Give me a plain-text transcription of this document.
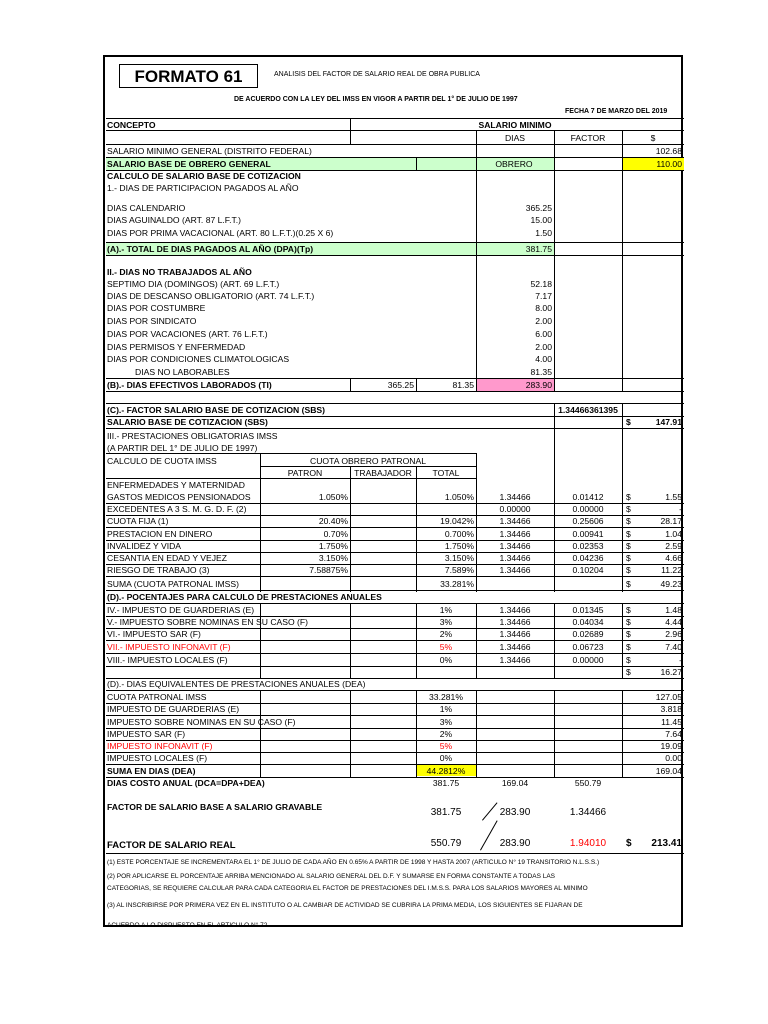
FORMATO 61	ANALISIS DEL FACTOR DE SALARIO REAL DE OBRA PUBLICA
DE ACUERDO CON LA LEY DEL IMSS EN VIGOR A PARTIR DEL 1° DE JULIO DE 1997
FECHA 7 DE MARZO DEL 2019
CONCEPTO	SALARIO MINIMO
DIAS	FACTOR	$
SALARIO MINIMO GENERAL (DISTRITO FEDERAL)	102.68
SALARIO BASE DE OBRERO GENERAL	OBRERO	110.00
CALCULO DE SALARIO BASE DE COTIZACION
1.- DIAS DE PARTICIPACION PAGADOS AL AÑO
DIAS CALENDARIO	365.25
DIAS AGUINALDO (ART. 87 L.F.T.)	15.00
DIAS POR PRIMA VACACIONAL (ART. 80 L.F.T.)(0.25 X 6)	1.50
(A).- TOTAL DE DIAS PAGADOS AL AÑO (DPA)(Tp)	381.75
II.- DIAS NO TRABAJADOS AL AÑO
SEPTIMO DIA (DOMINGOS) (ART. 69 L.F.T.)	52.18
DIAS DE DESCANSO OBLIGATORIO (ART. 74 L.F.T.)	7.17
DIAS POR COSTUMBRE	8.00
DIAS POR SINDICATO	2.00
DIAS POR VACACIONES (ART. 76 L.F.T.)	6.00
DIAS PERMISOS Y ENFERMEDAD	2.00
DIAS POR CONDICIONES CLIMATOLOGICAS	4.00
DIAS NO LABORABLES	81.35
(B).- DIAS EFECTIVOS LABORADOS (TI)	365.25	81.35	283.90
(C).- FACTOR SALARIO BASE DE COTIZACION (SBS)	1.34466361395
SALARIO BASE DE COTIZACION (SBS)	$	147.91
III.- PRESTACIONES OBLIGATORIAS IMSS
(A PARTIR DEL 1° DE JULIO DE 1997)
CALCULO DE CUOTA IMSS	CUOTA OBRERO PATRONAL
PATRON	TRABAJADOR	TOTAL
ENFERMEDADES Y MATERNIDAD
GASTOS MEDICOS PENSIONADOS	1.050%	1.050%	1.34466	0.01412	$	1.55
EXCEDENTES A 3 S. M. G. D. F. (2)	0.00000	0.00000	$	-
CUOTA FIJA (1)	20.40%	19.042%	1.34466	0.25606	$	28.17
PRESTACION EN DINERO	0.70%	0.700%	1.34466	0.00941	$	1.04
INVALIDEZ Y VIDA	1.750%	1.750%	1.34466	0.02353	$	2.59
CESANTIA EN EDAD Y VEJEZ	3.150%	3.150%	1.34466	0.04236	$	4.66
RIESGO DE TRABAJO (3)	7.58875%	7.589%	1.34466	0.10204	$	11.22
SUMA (CUOTA PATRONAL IMSS)	33.281%	$	49.23
(D).- POCENTAJES PARA CALCULO DE PRESTACIONES ANUALES
IV.- IMPUESTO DE GUARDERIAS (E)	1%	1.34466	0.01345	$	1.48
V.- IMPUESTO SOBRE NOMINAS EN SU CASO (F)	3%	1.34466	0.04034	$	4.44
VI.- IMPUESTO SAR (F)	2%	1.34466	0.02689	$	2.96
VII.- IMPUESTO INFONAVIT (F)	5%	1.34466	0.06723	$	7.40
VIII.- IMPUESTO LOCALES (F)	0%	1.34466	0.00000	$	-
$	16.27
(D).- DIAS EQUIVALENTES DE PRESTACIONES ANUALES (DEA)
CUOTA PATRONAL IMSS	33.281%	127.05
IMPUESTO DE GUARDERIAS (E)	1%	3.818
IMPUESTO SOBRE NOMINAS EN SU CASO (F)	3%	11.45
IMPUESTO SAR (F)	2%	7.64
IMPUESTO INFONAVIT (F)	5%	19.09
IMPUESTO LOCALES (F)	0%	0.00
SUMA EN DIAS (DEA)	44.2812%	169.04
DIAS COSTO ANUAL (DCA=DPA+DEA)	381.75	169.04	550.79
FACTOR DE SALARIO BASE A SALARIO GRAVABLE	381.75	283.90	1.34466
FACTOR DE SALARIO REAL	550.79	283.90	1.94010	$	213.41
(1) ESTE PORCENTAJE SE INCREMENTARA EL 1° DE JULIO DE CADA AÑO EN 0.65% A PARTIR DE 1998 Y HASTA 2007 (ARTICULO N° 19 TRANSITORIO N.L.S.S.)
(2) POR APLICARSE EL PORCENTAJE ARRIBA MENCIONADO AL SALARIO GENERAL DEL D.F. Y SUMARSE EN FORMA CONSTANTE A TODAS LAS
CATEGORIAS, SE REQUIERE CALCULAR PARA CADA CATEGORIA EL FACTOR DE PRESTACIONES DEL I.M.S.S. PARA LOS SALARIOS MAYORES AL MINIMO
(3) AL INSCRIBIRSE POR PRIMERA VEZ EN EL INSTITUTO O AL CAMBIAR DE ACTIVIDAD SE CUBRIRA LA PRIMA MEDIA, LOS SIGUIENTES SE FIJARAN DE
ACUERDO A LO DISPUESTO EN EL ARTICULO N° 72
